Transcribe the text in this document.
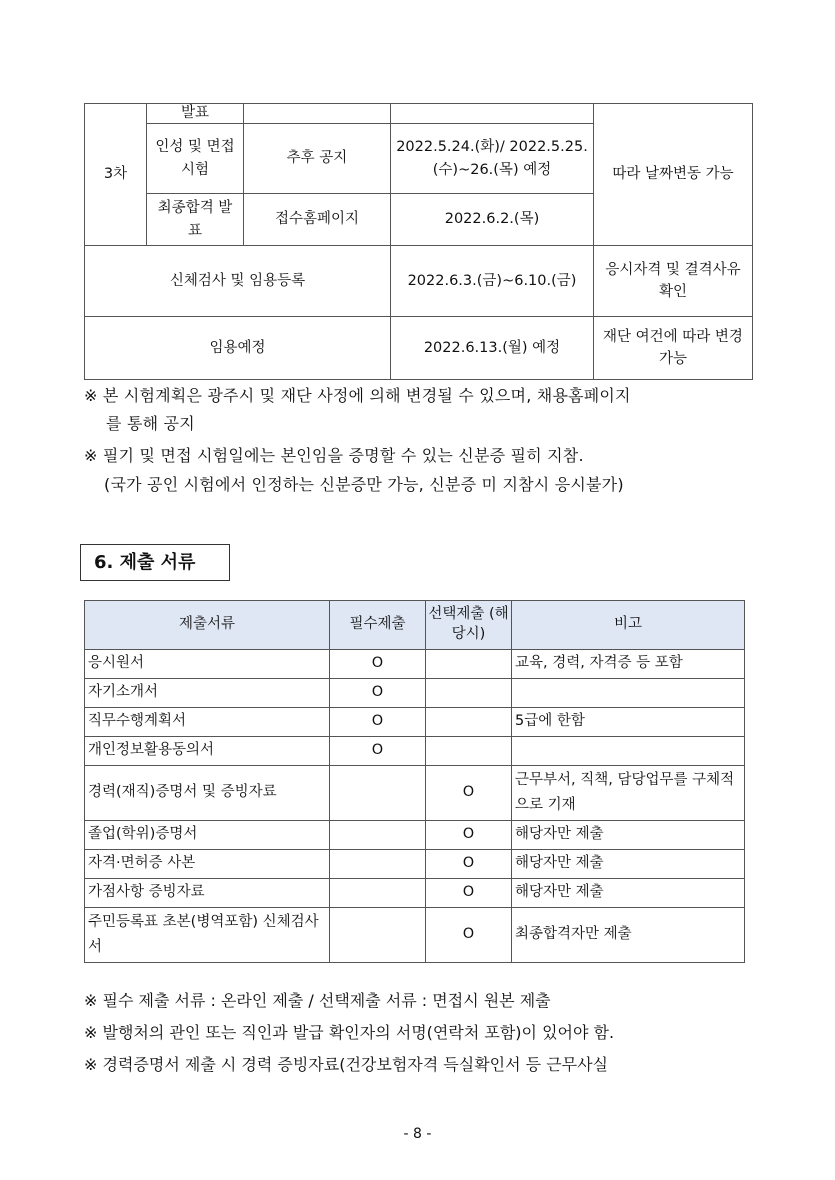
3차	발표			따라 날짜변동 가능
	인성 및 면접시험	추후 공지	2022.5.24.(화)/ 2022.5.25.(수)~26.(목) 예정	
	최종합격 발표	접수홈페이지	2022.6.2.(목)	
신체검사 및 임용등록			2022.6.3.(금)~6.10.(금)	응시자격 및 결격사유 확인
임용예정			2022.6.13.(월) 예정	재단 여건에 따라 변경가능
※ 본 시험계획은 광주시 및 재단 사정에 의해 변경될 수 있으며, 채용홈페이지
를 통해 공지
※ 필기 및 면접 시험일에는 본인임을 증명할 수 있는 신분증 필히 지참.
(국가 공인 시험에서 인정하는 신분증만 가능, 신분증 미 지참시 응시불가)
6. 제출 서류
제출서류	필수제출	선택제출 (해당시)	비고
응시원서	O		교육, 경력, 자격증 등 포함
자기소개서	O		
직무수행계획서	O		5급에 한함
개인정보활용동의서	O		
경력(재직)증명서 및 증빙자료		O	근무부서, 직책, 담당업무를 구체적으로 기재
졸업(학위)증명서		O	해당자만 제출
자격·면허증 사본		O	해당자만 제출
가점사항 증빙자료		O	해당자만 제출
주민등록표 초본(병역포함) 신체검사서		O	최종합격자만 제출
※ 필수 제출 서류 : 온라인 제출 / 선택제출 서류 : 면접시 원본 제출
※ 발행처의 관인 또는 직인과 발급 확인자의 서명(연락처 포함)이 있어야 함.
※ 경력증명서 제출 시 경력 증빙자료(건강보험자격 득실확인서 등 근무사실
- 8 -
